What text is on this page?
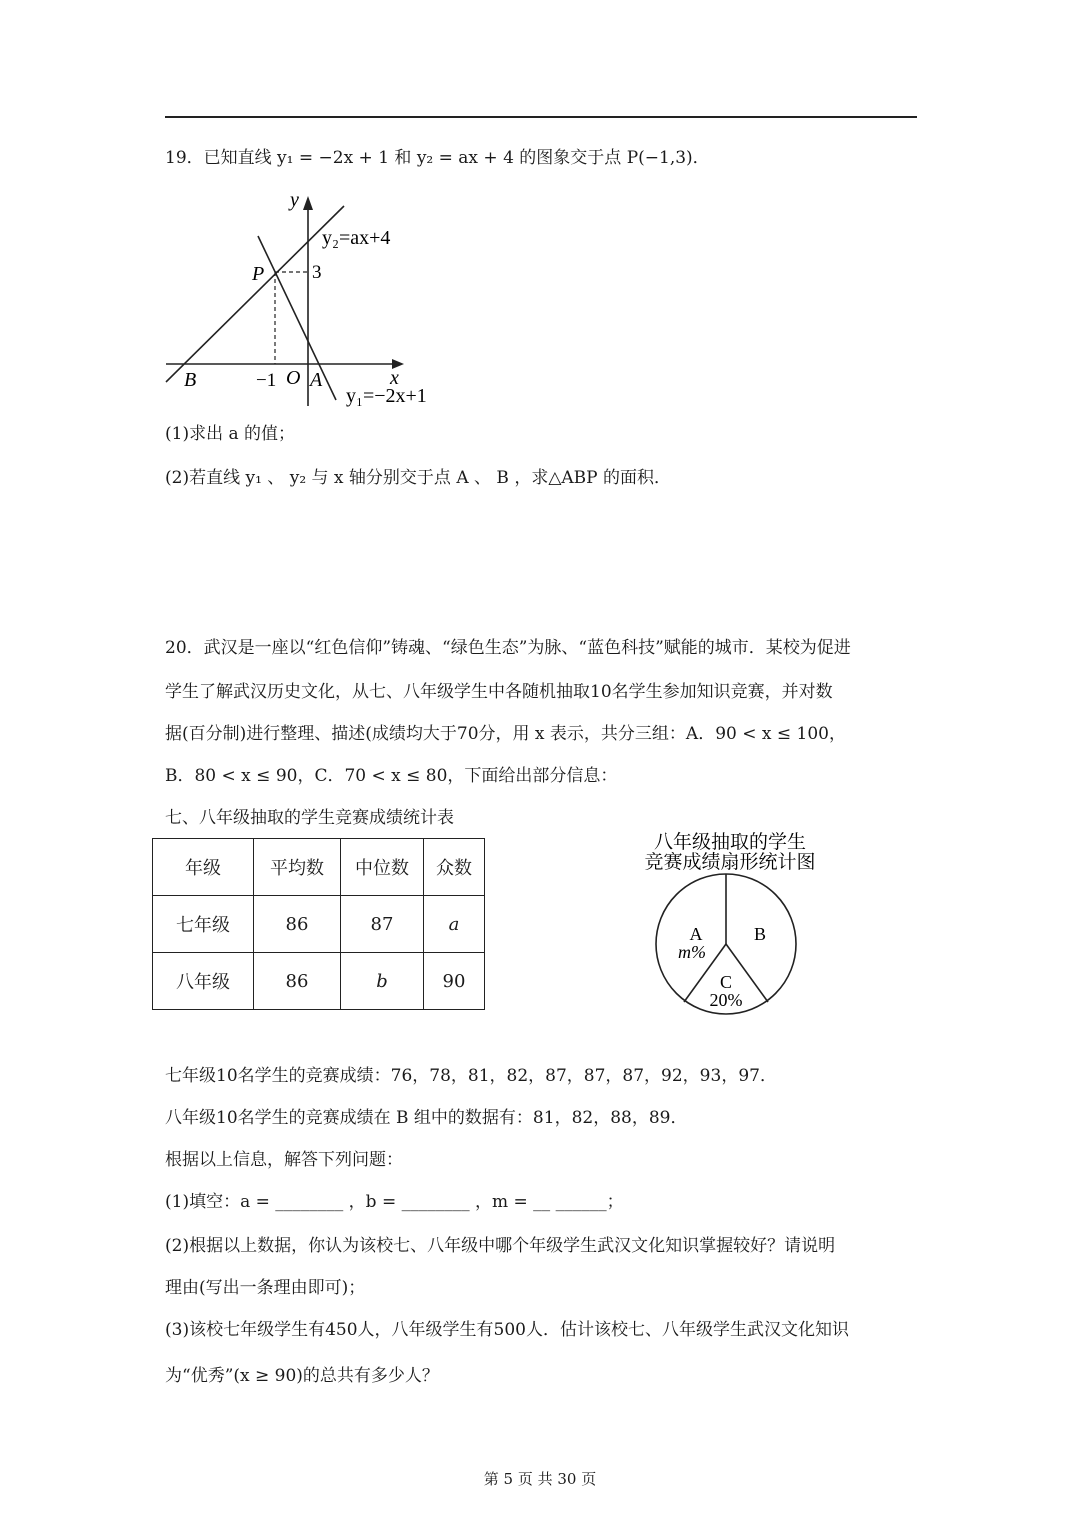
19．已知直线 y₁ = −2x + 1 和 y₂ = ax + 4 的图象交于点 P(−1,3)．
y
x
y₂=ax+4
y₁=−2x+1
P	3
B	−1 O A
(1)求出 a 的值；
(2)若直线 y₁ 、 y₂ 与 x 轴分别交于点 A 、 B ，求△ABP 的面积．
20．武汉是一座以“红色信仰”铸魂、“绿色生态”为脉、“蓝色科技”赋能的城市．某校为促进
学生了解武汉历史文化，从七、八年级学生中各随机抽取10名学生参加知识竞赛，并对数
据(百分制)进行整理、描述(成绩均大于70分，用 x 表示，共分三组：A．90 < x ≤ 100，
B．80 < x ≤ 90，C．70 < x ≤ 80，下面给出部分信息：
七、八年级抽取的学生竞赛成绩统计表
年级	平均数	中位数	众数
七年级	86	87	a
八年级	86	b	90
八年级抽取的学生
竞赛成绩扇形统计图
A
m%
B
C
20%
七年级10名学生的竞赛成绩：76，78，81，82，87，87，87，92，93，97．
八年级10名学生的竞赛成绩在 B 组中的数据有：81，82，88，89．
根据以上信息，解答下列问题：
(1)填空：a = ________ ，b = ________ ，m = __ ______；
(2)根据以上数据，你认为该校七、八年级中哪个年级学生武汉文化知识掌握较好？请说明
理由(写出一条理由即可)；
(3)该校七年级学生有450人，八年级学生有500人．估计该校七、八年级学生武汉文化知识
为“优秀”(x ≥ 90)的总共有多少人？
第 5 页 共 30 页
